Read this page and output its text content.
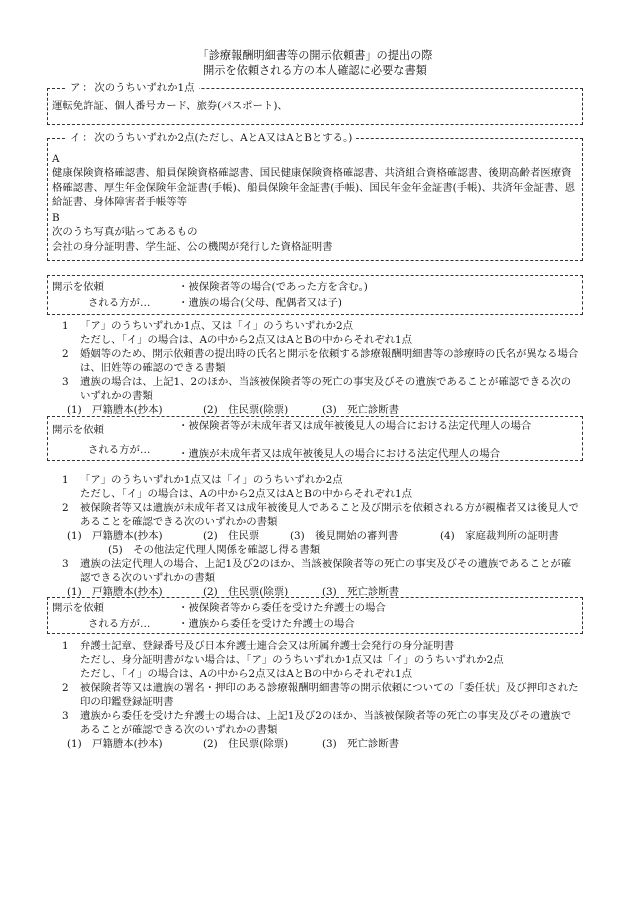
「診療報酬明細書等の開示依頼書」の提出の際
開示を依頼される方の本人確認に必要な書類
ア ： 次のうちいずれか1点
運転免許証、個人番号カード、旅券(パスポート)、
イ ： 次のうちいずれか2点(ただし、AとA又はAとBとする。)
A
健康保険資格確認書、船員保険資格確認書、国民健康保険資格確認書、共済組合資格確認書、後期高齢者医療資格確認書、厚生年金保険年金証書(手帳)、船員保険年金証書(手帳)、国民年金年金証書(手帳)、共済年金証書、恩給証書、身体障害者手帳等等
B
次のうち写真が貼ってあるもの
会社の身分証明書、学生証、公の機関が発行した資格証明書
開示を依頼
される方が…
・被保険者等の場合(であった方を含む。)
・遺族の場合(父母、配偶者又は子)
1 「ア」のうちいずれか1点、又は「イ」のうちいずれか2点
ただし、「イ」の場合は、Aの中から2点又はAとBの中からそれぞれ1点
2 婚姻等のため、開示依頼書の提出時の氏名と開示を依頼する診療報酬明細書等の診療時の氏名が異なる場合は、旧姓等の確認のできる書類
3 遺族の場合は、上記1、2のほか、当該被保険者等の死亡の事実及びその遺族であることが確認できる次のいずれかの書類
(1)　戸籍謄本(抄本)	(2)　住民票(除票)	(3)　死亡診断書
開示を依頼
される方が…
・被保険者等が未成年者又は成年被後見人の場合における法定代理人の場合
・遺族が未成年者又は成年被後見人の場合における法定代理人の場合
1 「ア」のうちいずれか1点又は「イ」のうちいずれか2点
ただし、「イ」の場合は、Aの中から2点又はAとBの中からそれぞれ1点
2 被保険者等又は遺族が未成年者又は成年被後見人であること及び開示を依頼される方が親権者又は後見人であることを確認できる次のいずれかの書類
(1)　戸籍謄本(抄本)	(2)　住民票	(3)　後見開始の審判書	(4)　家庭裁判所の証明書
(5)　その他法定代理人関係を確認し得る書類
3 遺族の法定代理人の場合、上記1及び2のほか、当該被保険者等の死亡の事実及びその遺族であることが確認できる次のいずれかの書類
(1)　戸籍謄本(抄本)	(2)　住民票(除票)	(3)　死亡診断書
開示を依頼
される方が…
・被保険者等から委任を受けた弁護士の場合
・遺族から委任を受けた弁護士の場合
1 弁護士記章、登録番号及び日本弁護士連合会又は所属弁護士会発行の身分証明書
ただし、身分証明書がない場合は、「ア」のうちいずれか1点又は「イ」のうちいずれか2点
ただし、「イ」の場合は、Aの中から2点又はAとBの中からそれぞれ1点
2 被保険者等又は遺族の署名・押印のある診療報酬明細書等の開示依頼についての「委任状」及び押印された印の印鑑登録証明書
3 遺族から委任を受けた弁護士の場合は、上記1及び2のほか、当該被保険者等の死亡の事実及びその遺族であることが確認できる次のいずれかの書類
(1)　戸籍謄本(抄本)	(2)　住民票(除票)	(3)　死亡診断書
